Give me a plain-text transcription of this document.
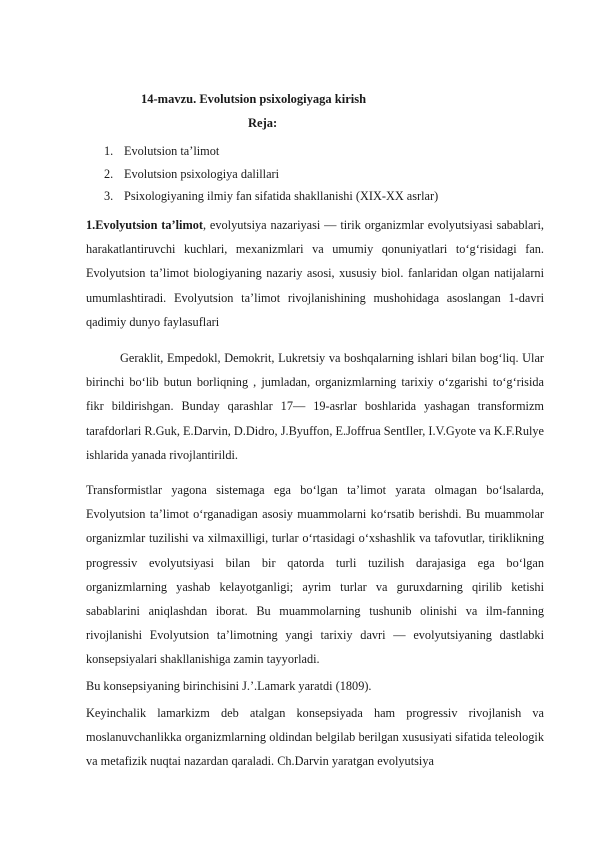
14-mavzu. Evolutsion psixologiyaga kirish
Reja:
1. Evolutsion ta’limot
2. Evolutsion psixologiya dalillari
3. Psixologiyaning ilmiy fan sifatida shakllanishi (XIX-XX asrlar)

1.Evolyutsion ta’limot, evolyutsiya nazariyasi — tirik organizmlar evolyutsiyasi sabablari, harakatlantiruvchi kuchlari, mexanizmlari va umumiy qonuniyatlari to‘g‘risidagi fan. Evolyutsion ta’limot biologiyaning nazariy asosi, xususiy biol. fanlaridan olgan natijalarni umumlashtiradi. Evolyutsion ta’limot rivojlanishining mushohidaga asoslangan 1-davri qadimiy dunyo faylasuflari

Geraklit, Empedokl, Demokrit, Lukretsiy va boshqalarning ishlari bilan bog‘liq. Ular birinchi bo‘lib butun borliqning , jumladan, organizmlarning tarixiy o‘zgarishi to‘g‘risida fikr bildirishgan. Bunday qarashlar 17— 19-asrlar boshlarida yashagan transformizm tarafdorlari R.Guk, E.Darvin, D.Didro, J.Byuffon, E.Joffrua SentIler, I.V.Gyote va K.F.Rulye ishlarida yanada rivojlantirildi.

Transformistlar yagona sistemaga ega bo‘lgan ta’limot yarata olmagan bo‘lsalarda, Evolyutsion ta’limot o‘rganadigan asosiy muammolarni ko‘rsatib berishdi. Bu muammolar organizmlar tuzilishi va xilmaxilligi, turlar o‘rtasidagi o‘xshashlik va tafovutlar, tiriklikning progressiv evolyutsiyasi bilan bir qatorda turli tuzilish darajasiga ega bo‘lgan organizmlarning yashab kelayotganligi; ayrim turlar va guruxdarning qirilib ketishi sabablarini aniqlashdan iborat. Bu muammolarning tushunib olinishi va ilm-fanning rivojlanishi Evolyutsion ta’limotning yangi tarixiy davri — evolyutsiyaning dastlabki konsepsiyalari shakllanishiga zamin tayyorladi.

Bu konsepsiyaning birinchisini J.’.Lamark yaratdi (1809).

Keyinchalik lamarkizm deb atalgan konsepsiyada ham progressiv rivojlanish va moslanuvchanlikka organizmlarning oldindan belgilab berilgan xususiyati sifatida teleologik va metafizik nuqtai nazardan qaraladi. Ch.Darvin yaratgan evolyutsiya
